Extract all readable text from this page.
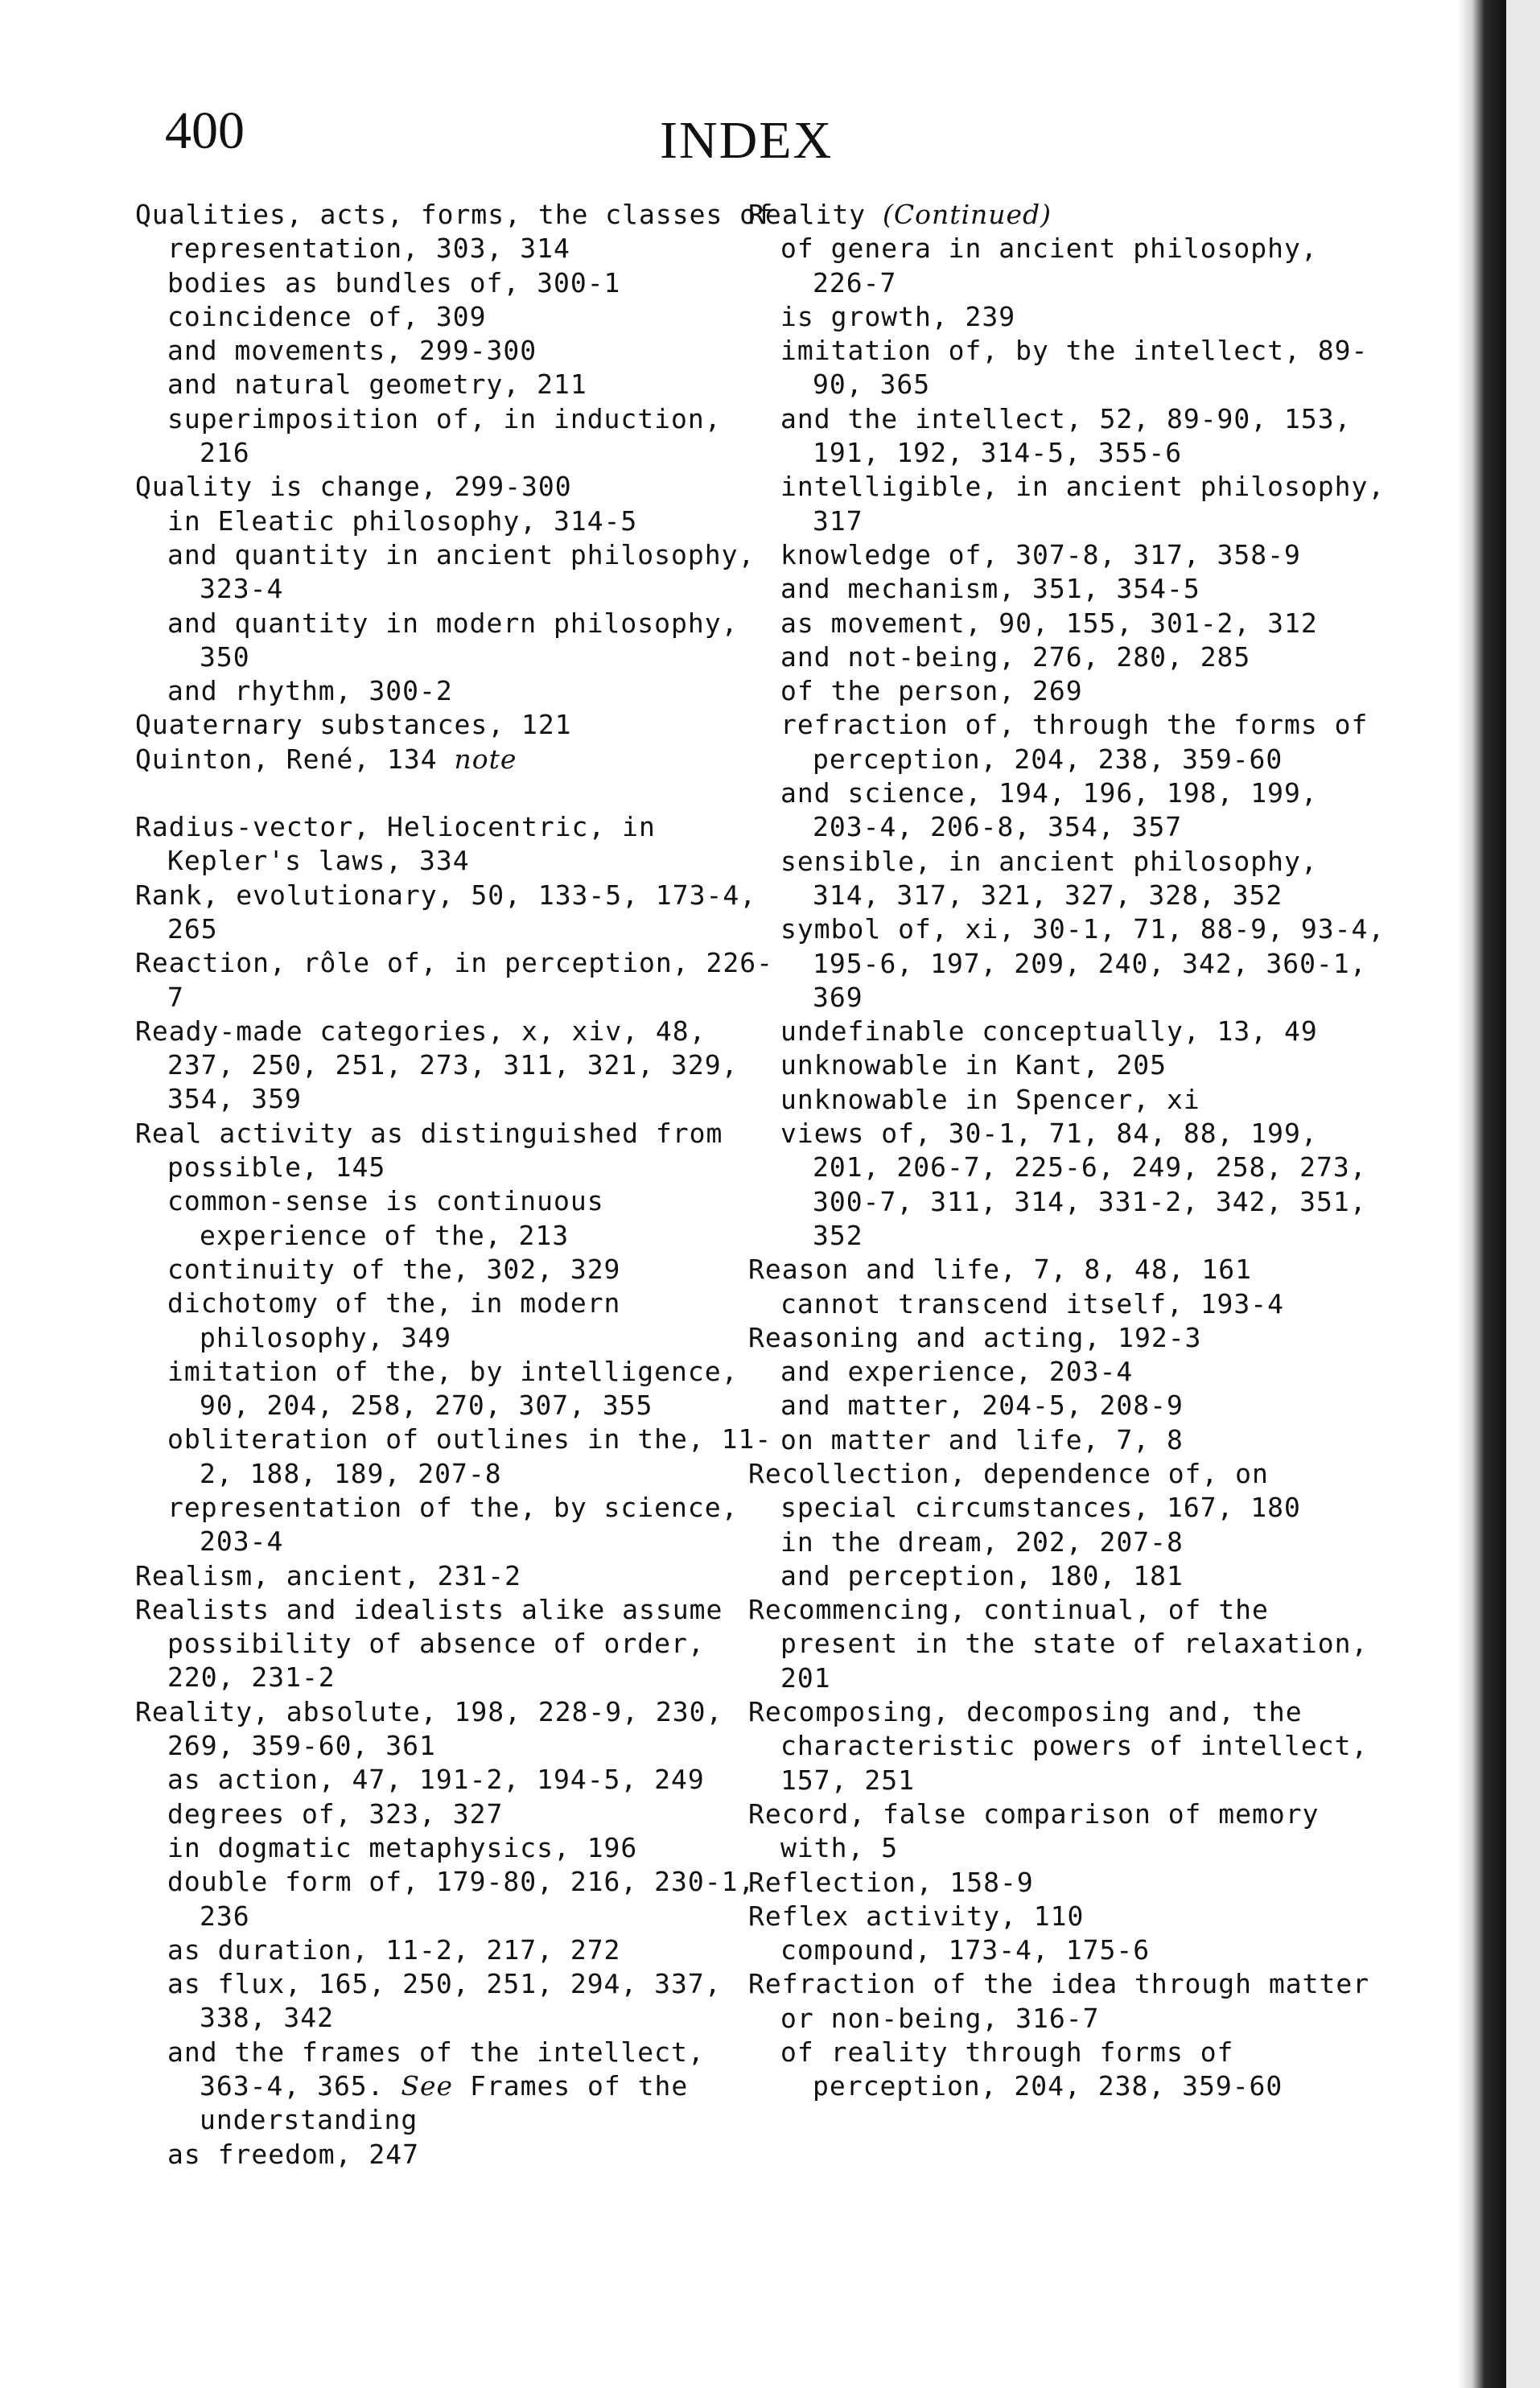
400	INDEX
Qualities, acts, forms, the classes of representation, 303, 314
bodies as bundles of, 300-1
coincidence of, 309
and movements, 299-300
and natural geometry, 211
superimposition of, in induction, 216
Quality is change, 299-300
in Eleatic philosophy, 314-5
and quantity in ancient philosophy, 323-4
and quantity in modern philosophy, 350
and rhythm, 300-2
Quaternary substances, 121
Quinton, René, 134 note
Radius-vector, Heliocentric, in Kepler's laws, 334
Rank, evolutionary, 50, 133-5, 173-4, 265
Reaction, rôle of, in perception, 226-7
Ready-made categories, x, xiv, 48, 237, 250, 251, 273, 311, 321, 329, 354, 359
Real activity as distinguished from possible, 145
common-sense is continuous experience of the, 213
continuity of the, 302, 329
dichotomy of the, in modern philosophy, 349
imitation of the, by intelligence, 90, 204, 258, 270, 307, 355
obliteration of outlines in the, 11-2, 188, 189, 207-8
representation of the, by science, 203-4
Realism, ancient, 231-2
Realists and idealists alike assume possibility of absence of order, 220, 231-2
Reality, absolute, 198, 228-9, 230, 269, 359-60, 361
as action, 47, 191-2, 194-5, 249
degrees of, 323, 327
in dogmatic metaphysics, 196
double form of, 179-80, 216, 230-1, 236
as duration, 11-2, 217, 272
as flux, 165, 250, 251, 294, 337, 338, 342
and the frames of the intellect, 363-4, 365. See Frames of the understanding
as freedom, 247
Reality (Continued)
of genera in ancient philosophy, 226-7
is growth, 239
imitation of, by the intellect, 89-90, 365
and the intellect, 52, 89-90, 153, 191, 192, 314-5, 355-6
intelligible, in ancient philosophy, 317
knowledge of, 307-8, 317, 358-9
and mechanism, 351, 354-5
as movement, 90, 155, 301-2, 312
and not-being, 276, 280, 285
of the person, 269
refraction of, through the forms of perception, 204, 238, 359-60
and science, 194, 196, 198, 199, 203-4, 206-8, 354, 357
sensible, in ancient philosophy, 314, 317, 321, 327, 328, 352
symbol of, xi, 30-1, 71, 88-9, 93-4, 195-6, 197, 209, 240, 342, 360-1, 369
undefinable conceptually, 13, 49
unknowable in Kant, 205
unknowable in Spencer, xi
views of, 30-1, 71, 84, 88, 199, 201, 206-7, 225-6, 249, 258, 273, 300-7, 311, 314, 331-2, 342, 351, 352
Reason and life, 7, 8, 48, 161
cannot transcend itself, 193-4
Reasoning and acting, 192-3
and experience, 203-4
and matter, 204-5, 208-9
on matter and life, 7, 8
Recollection, dependence of, on special circumstances, 167, 180
in the dream, 202, 207-8
and perception, 180, 181
Recommencing, continual, of the present in the state of relaxation, 201
Recomposing, decomposing and, the characteristic powers of intellect, 157, 251
Record, false comparison of memory with, 5
Reflection, 158-9
Reflex activity, 110
compound, 173-4, 175-6
Refraction of the idea through matter or non-being, 316-7
of reality through forms of perception, 204, 238, 359-60
